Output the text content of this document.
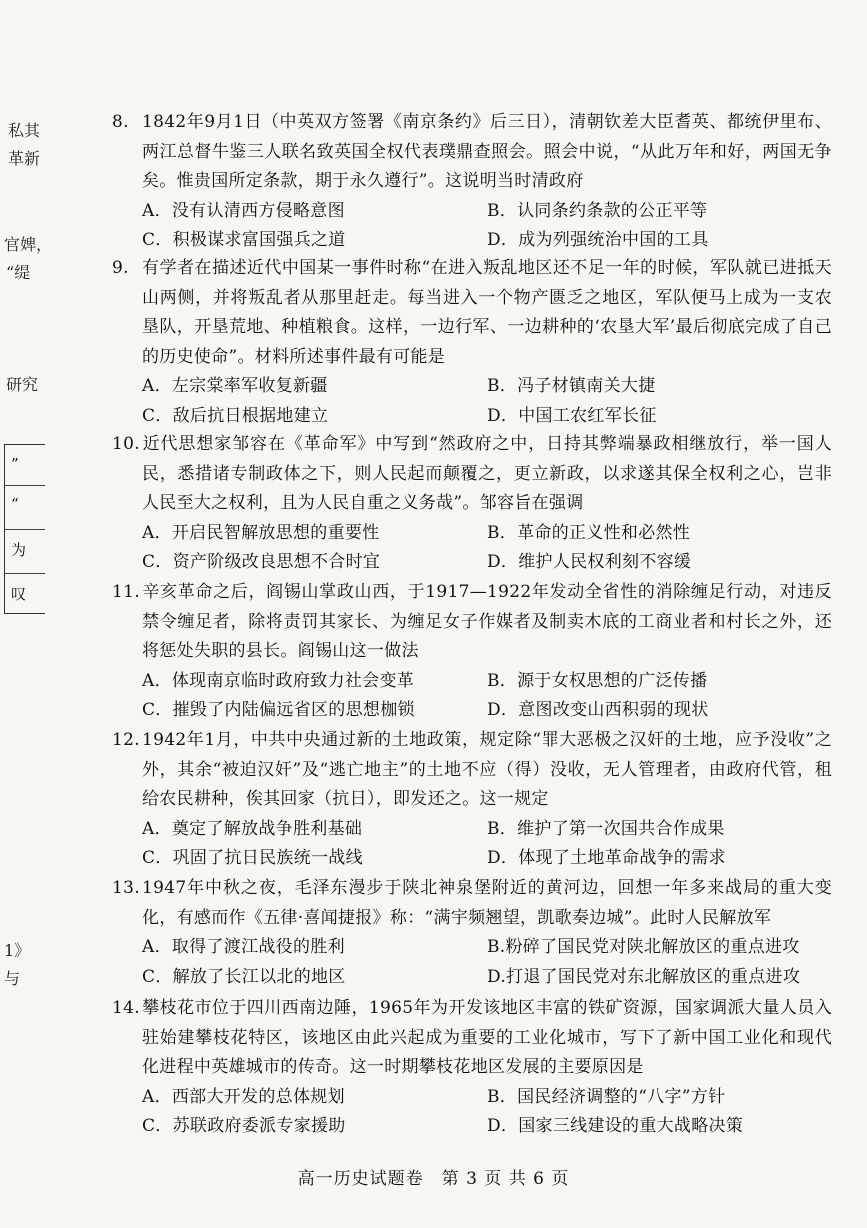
私其
革新
官婢，
“缇
研究
”
“
为
叹
1》
与
8. 1842年9月1日（中英双方签署《南京条约》后三日），清朝钦差大臣耆英、都统伊里布、两江总督牛鉴三人联名致英国全权代表璞鼎查照会。照会中说，“从此万年和好，两国无争矣。惟贵国所定条款，期于永久遵行”。这说明当时清政府
A．没有认清西方侵略意图	B．认同条约条款的公正平等
C．积极谋求富国强兵之道	D．成为列强统治中国的工具
9. 有学者在描述近代中国某一事件时称“在进入叛乱地区还不足一年的时候，军队就已进抵天山两侧，并将叛乱者从那里赶走。每当进入一个物产匮乏之地区，军队便马上成为一支农垦队，开垦荒地、种植粮食。这样，一边行军、一边耕种的‘农垦大军’最后彻底完成了自己的历史使命”。材料所述事件最有可能是
A．左宗棠率军收复新疆	B．冯子材镇南关大捷
C．敌后抗日根据地建立	D．中国工农红军长征
10. 近代思想家邹容在《革命军》中写到“然政府之中，日持其弊端暴政相继放行，举一国人民，悉措诸专制政体之下，则人民起而颠覆之，更立新政，以求遂其保全权利之心，岂非人民至大之权利，且为人民自重之义务哉”。邹容旨在强调
A．开启民智解放思想的重要性	B．革命的正义性和必然性
C．资产阶级改良思想不合时宜	D．维护人民权利刻不容缓
11. 辛亥革命之后，阎锡山掌政山西，于1917—1922年发动全省性的消除缠足行动，对违反禁令缠足者，除将责罚其家长、为缠足女子作媒者及制卖木底的工商业者和村长之外，还将惩处失职的县长。阎锡山这一做法
A．体现南京临时政府致力社会变革	B．源于女权思想的广泛传播
C．摧毁了内陆偏远省区的思想枷锁	D．意图改变山西积弱的现状
12. 1942年1月，中共中央通过新的土地政策，规定除“罪大恶极之汉奸的土地，应予没收”之外，其余“被迫汉奸”及“逃亡地主”的土地不应（得）没收，无人管理者，由政府代管，租给农民耕种，俟其回家（抗日），即发还之。这一规定
A．奠定了解放战争胜利基础	B．维护了第一次国共合作成果
C．巩固了抗日民族统一战线	D．体现了土地革命战争的需求
13. 1947年中秋之夜，毛泽东漫步于陕北神泉堡附近的黄河边，回想一年多来战局的重大变化，有感而作《五律·喜闻捷报》称：“满宇频翘望，凯歌奏边城”。此时人民解放军
A．取得了渡江战役的胜利	B.粉碎了国民党对陕北解放区的重点进攻
C．解放了长江以北的地区	D.打退了国民党对东北解放区的重点进攻
14. 攀枝花市位于四川西南边陲，1965年为开发该地区丰富的铁矿资源，国家调派大量人员入驻始建攀枝花特区，该地区由此兴起成为重要的工业化城市，写下了新中国工业化和现代化进程中英雄城市的传奇。这一时期攀枝花地区发展的主要原因是
A．西部大开发的总体规划	B．国民经济调整的“八字”方针
C．苏联政府委派专家援助	D．国家三线建设的重大战略决策
高一历史试题卷　第 3 页 共 6 页
